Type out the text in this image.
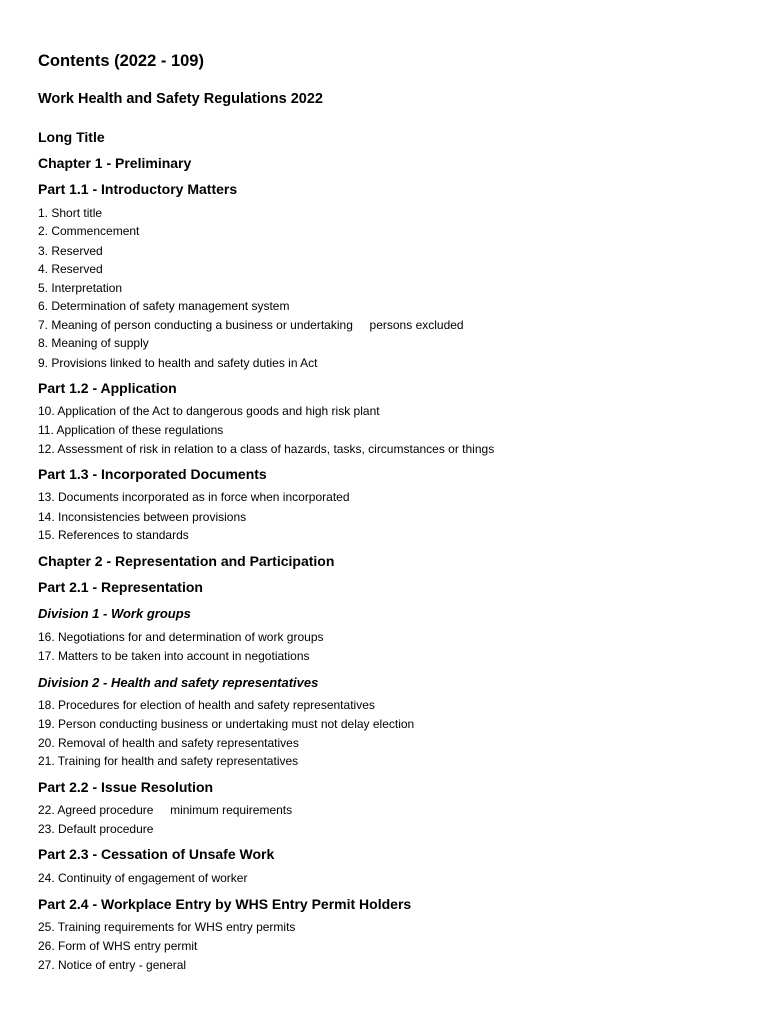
Contents (2022 - 109)
Work Health and Safety Regulations 2022
Long Title
Chapter 1 - Preliminary
Part 1.1 - Introductory Matters
1. Short title
2. Commencement
3. Reserved
4. Reserved
5. Interpretation
6. Determination of safety management system
7. Meaning of person conducting a business or undertaking     persons excluded
8. Meaning of supply
9. Provisions linked to health and safety duties in Act
Part 1.2 - Application
10. Application of the Act to dangerous goods and high risk plant
11. Application of these regulations
12. Assessment of risk in relation to a class of hazards, tasks, circumstances or things
Part 1.3 - Incorporated Documents
13. Documents incorporated as in force when incorporated
14. Inconsistencies between provisions
15. References to standards
Chapter 2 - Representation and Participation
Part 2.1 - Representation
Division 1 - Work groups
16. Negotiations for and determination of work groups
17. Matters to be taken into account in negotiations
Division 2 - Health and safety representatives
18. Procedures for election of health and safety representatives
19. Person conducting business or undertaking must not delay election
20. Removal of health and safety representatives
21. Training for health and safety representatives
Part 2.2 - Issue Resolution
22. Agreed procedure     minimum requirements
23. Default procedure
Part 2.3 - Cessation of Unsafe Work
24. Continuity of engagement of worker
Part 2.4 - Workplace Entry by WHS Entry Permit Holders
25. Training requirements for WHS entry permits
26. Form of WHS entry permit
27. Notice of entry - general
